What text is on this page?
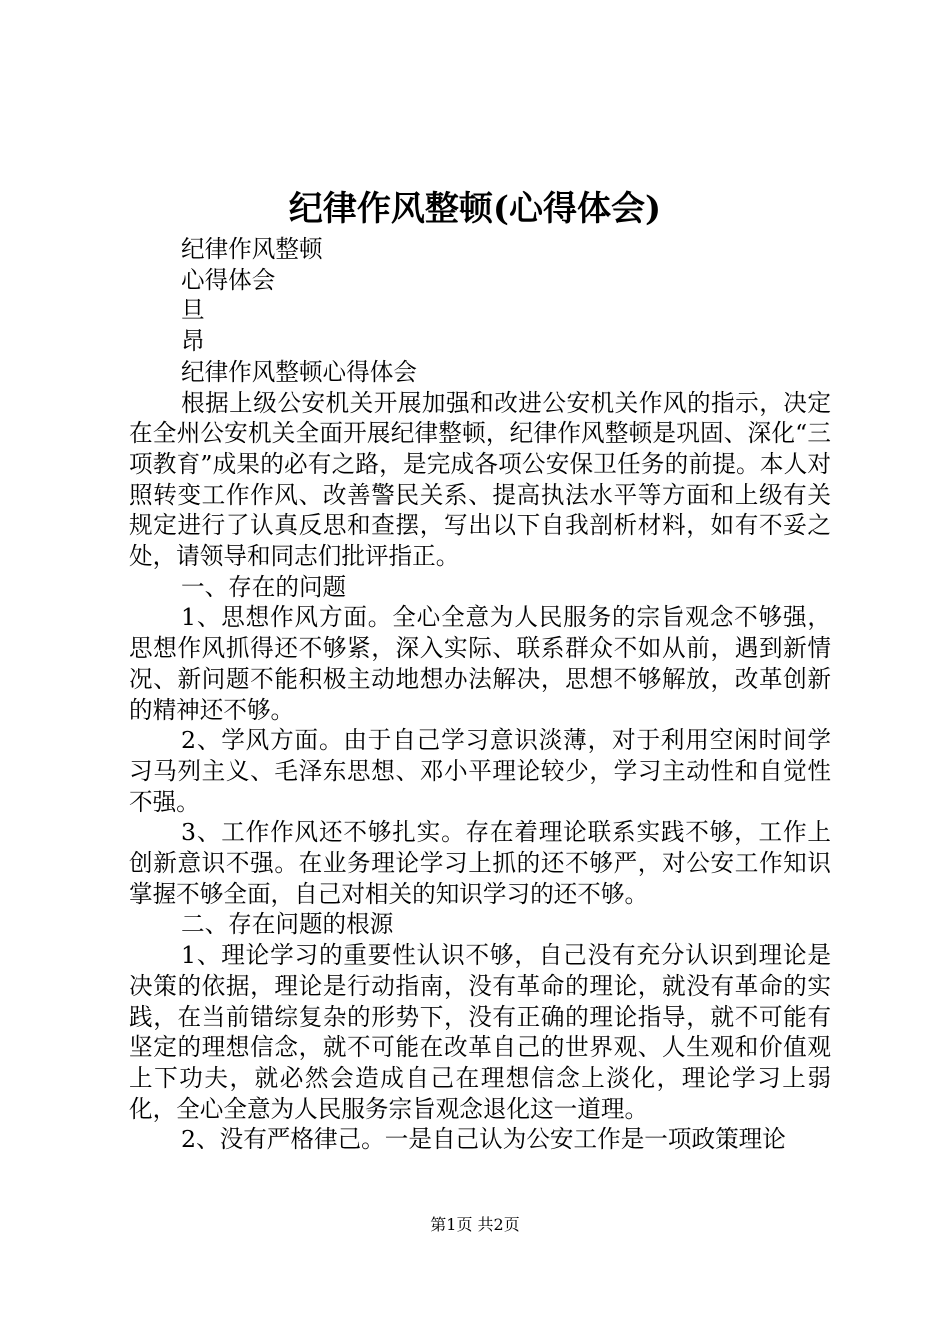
纪律作风整顿(心得体会)

纪律作风整顿

心得体会

旦

昂

纪律作风整顿心得体会

根据上级公安机关开展加强和改进公安机关作风的指示，决定在全州公安机关全面开展纪律整顿，纪律作风整顿是巩固、深化“三项教育”成果的必有之路，是完成各项公安保卫任务的前提。本人对照转变工作作风、改善警民关系、提高执法水平等方面和上级有关规定进行了认真反思和查摆，写出以下自我剖析材料，如有不妥之处，请领导和同志们批评指正。

一、存在的问题

1、思想作风方面。全心全意为人民服务的宗旨观念不够强，思想作风抓得还不够紧，深入实际、联系群众不如从前，遇到新情况、新问题不能积极主动地想办法解决，思想不够解放，改革创新的精神还不够。

2、学风方面。由于自己学习意识淡薄，对于利用空闲时间学习马列主义、毛泽东思想、邓小平理论较少，学习主动性和自觉性不强。

3、工作作风还不够扎实。存在着理论联系实践不够，工作上创新意识不强。在业务理论学习上抓的还不够严，对公安工作知识掌握不够全面，自己对相关的知识学习的还不够。

二、存在问题的根源

1、理论学习的重要性认识不够，自己没有充分认识到理论是决策的依据，理论是行动指南，没有革命的理论，就没有革命的实践，在当前错综复杂的形势下，没有正确的理论指导，就不可能有坚定的理想信念，就不可能在改革自己的世界观、人生观和价值观上下功夫，就必然会造成自己在理想信念上淡化，理论学习上弱化，全心全意为人民服务宗旨观念退化这一道理。

2、没有严格律己。一是自己认为公安工作是一项政策理论

第1页 共2页
